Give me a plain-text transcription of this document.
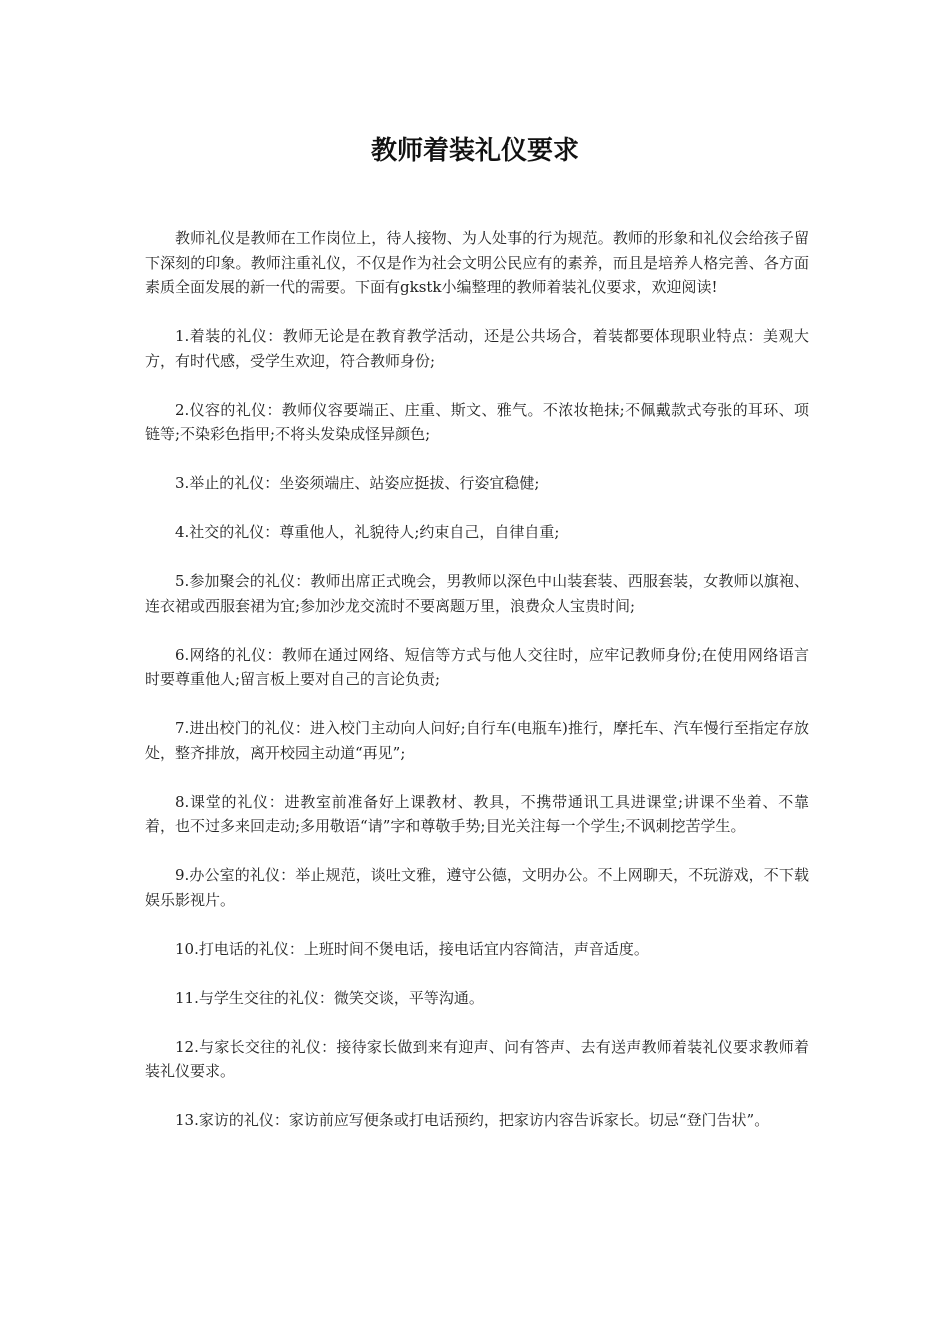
教师着装礼仪要求

教师礼仪是教师在工作岗位上，待人接物、为人处事的行为规范。教师的形象和礼仪会给孩子留下深刻的印象。教师注重礼仪，不仅是作为社会文明公民应有的素养，而且是培养人格完善、各方面素质全面发展的新一代的需要。下面有gkstk小编整理的教师着装礼仪要求，欢迎阅读!

1.着装的礼仪：教师无论是在教育教学活动，还是公共场合，着装都要体现职业特点：美观大方，有时代感，受学生欢迎，符合教师身份;

2.仪容的礼仪：教师仪容要端正、庄重、斯文、雅气。不浓妆艳抹;不佩戴款式夸张的耳环、项链等;不染彩色指甲;不将头发染成怪异颜色;

3.举止的礼仪：坐姿须端庄、站姿应挺拔、行姿宜稳健;

4.社交的礼仪：尊重他人，礼貌待人;约束自己，自律自重;

5.参加聚会的礼仪：教师出席正式晚会，男教师以深色中山装套装、西服套装，女教师以旗袍、连衣裙或西服套裙为宜;参加沙龙交流时不要离题万里，浪费众人宝贵时间;

6.网络的礼仪：教师在通过网络、短信等方式与他人交往时，应牢记教师身份;在使用网络语言时要尊重他人;留言板上要对自己的言论负责;

7.进出校门的礼仪：进入校门主动向人问好;自行车(电瓶车)推行，摩托车、汽车慢行至指定存放处，整齐排放，离开校园主动道“再见”;

8.课堂的礼仪：进教室前准备好上课教材、教具，不携带通讯工具进课堂;讲课不坐着、不靠着，也不过多来回走动;多用敬语“请”字和尊敬手势;目光关注每一个学生;不讽刺挖苦学生。

9.办公室的礼仪：举止规范，谈吐文雅，遵守公德，文明办公。不上网聊天，不玩游戏，不下载娱乐影视片。

10.打电话的礼仪：上班时间不煲电话，接电话宜内容简洁，声音适度。

11.与学生交往的礼仪：微笑交谈，平等沟通。

12.与家长交往的礼仪：接待家长做到来有迎声、问有答声、去有送声教师着装礼仪要求教师着装礼仪要求。

13.家访的礼仪：家访前应写便条或打电话预约，把家访内容告诉家长。切忌“登门告状”。
